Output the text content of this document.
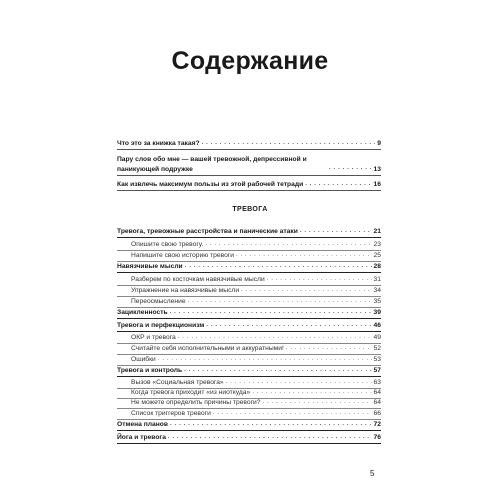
Содержание
Что это за книжка такая? . . .	9
Пару слов обо мне — вашей тревожной, депрессивной и паникующей подружке . . .	13
Как извлечь максимум пользы из этой рабочей тетради . . .	16
ТРЕВОГА
Тревога, тревожные расстройства и панические атаки . . .	21
Опишите свою тревогу. . . .	23
Напишите свою историю тревоги . . .	25
Навязчивые мысли . . .	28
Разберем по косточкам навязчивые мысли . . .	31
Упражнение на навязчивые мысли . . .	34
Переосмысление . . .	35
Зацикленность . . .	39
Тревога и перфекционизм . . .	46
ОКР и тревога . . .	49
Считайте себя исполнительными и аккуратными! . . .	52
Ошибки . . .	53
Тревога и контроль . . .	57
Вызов «Социальная тревога» . . .	63
Когда тревога приходит «из ниоткуда» . . .	64
Не можете определить причины тревоги? . . .	64
Список триггеров тревоги . . .	66
Отмена планов . . .	72
Йога и тревога . . .	76
5
